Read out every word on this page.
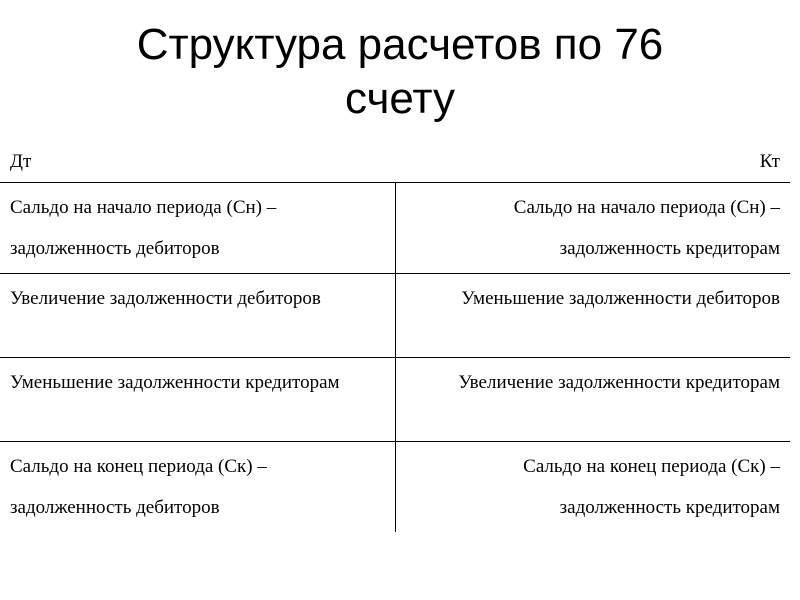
Структура расчетов по 76
счету
Дт	Кт
Сальдо на начало периода (Сн) – задолженность дебиторов	Сальдо на начало периода (Сн) – задолженность кредиторам
Увеличение задолженности дебиторов	Уменьшение задолженности дебиторов
Уменьшение задолженности кредиторам	Увеличение задолженности кредиторам
Сальдо на конец периода (Ск) – задолженность дебиторов	Сальдо на конец периода (Ск) – задолженность кредиторам
